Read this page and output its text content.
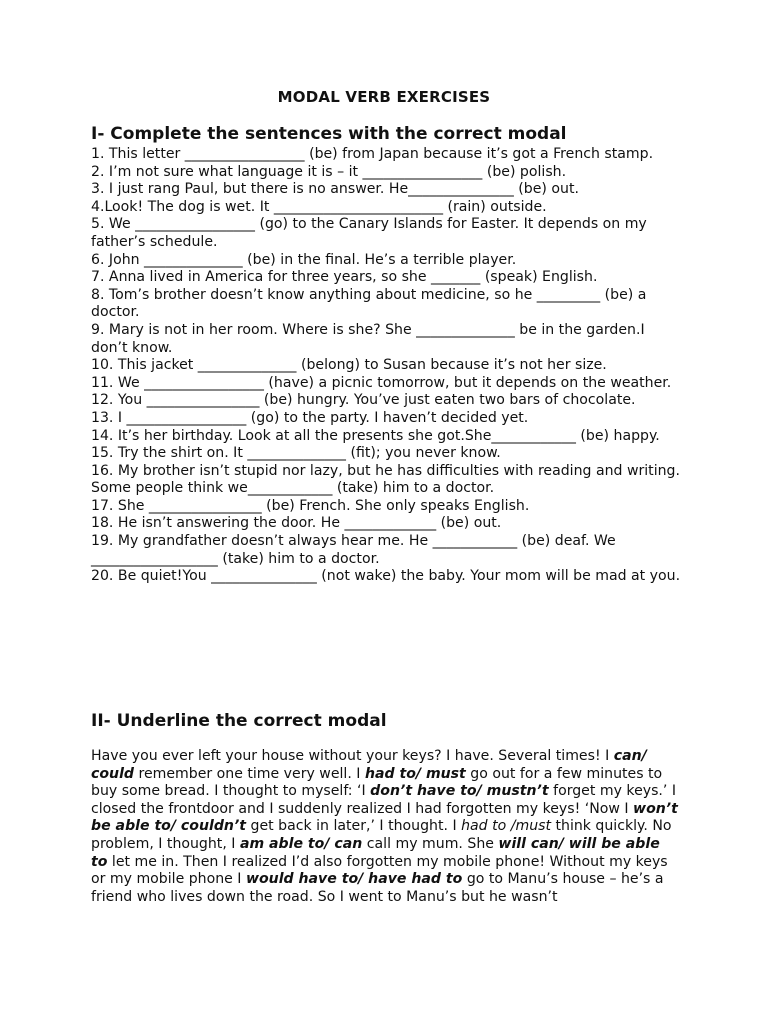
MODAL VERB EXERCISES
I- Complete the sentences with the correct modal
1. This letter _________________ (be) from Japan because it’s got a French stamp.
2. I’m not sure what language it is – it _________________ (be) polish.
3. I just rang Paul, but there is no answer. He_______________ (be) out.
4.Look! The dog is wet. It ________________________ (rain) outside.
5. We _________________ (go) to the Canary Islands for Easter. It depends on my father’s schedule.
6. John ______________ (be) in the final. He’s a terrible player.
7. Anna lived in America for three years, so she _______ (speak) English.
8. Tom’s brother doesn’t know anything about medicine, so he _________ (be) a doctor.
9. Mary is not in her room. Where is she? She ______________ be in the garden.I don’t know.
10. This jacket ______________ (belong) to Susan because it’s not her size.
11. We _________________ (have) a picnic tomorrow, but it depends on the weather.
12. You ________________ (be) hungry. You’ve just eaten two bars of chocolate.
13. I _________________ (go) to the party. I haven’t decided yet.
14. It’s her birthday. Look at all the presents she got.She____________ (be) happy.
15. Try the shirt on. It ______________ (fit); you never know.
16. My brother isn’t stupid nor lazy, but he has difficulties with reading and writing. Some people think we____________ (take) him to a doctor.
17. She ________________ (be) French. She only speaks English.
18. He isn’t answering the door. He _____________ (be) out.
19. My grandfather doesn’t always hear me. He ____________ (be) deaf. We __________________ (take) him to a doctor.
20. Be quiet!You _______________ (not wake) the baby. Your mom will be mad at you.
II- Underline the correct modal

Have you ever left your house without your keys? I have. Several times! I can/ could remember one time very well. I had to/ must go out for a few minutes to buy some bread. I thought to myself: ‘I don’t have to/ mustn’t forget my keys.’ I closed the frontdoor and I suddenly realized I had forgotten my keys! ‘Now I won’t be able to/ couldn’t get back in later,’ I thought. I had to /must think quickly. No problem, I thought, I am able to/ can call my mum. She will can/ will be able to let me in. Then I realized I’d also forgotten my mobile phone! Without my keys or my mobile phone I would have to/ have had to go to Manu’s house – he’s a friend who lives down the road. So I went to Manu’s but he wasn’t
